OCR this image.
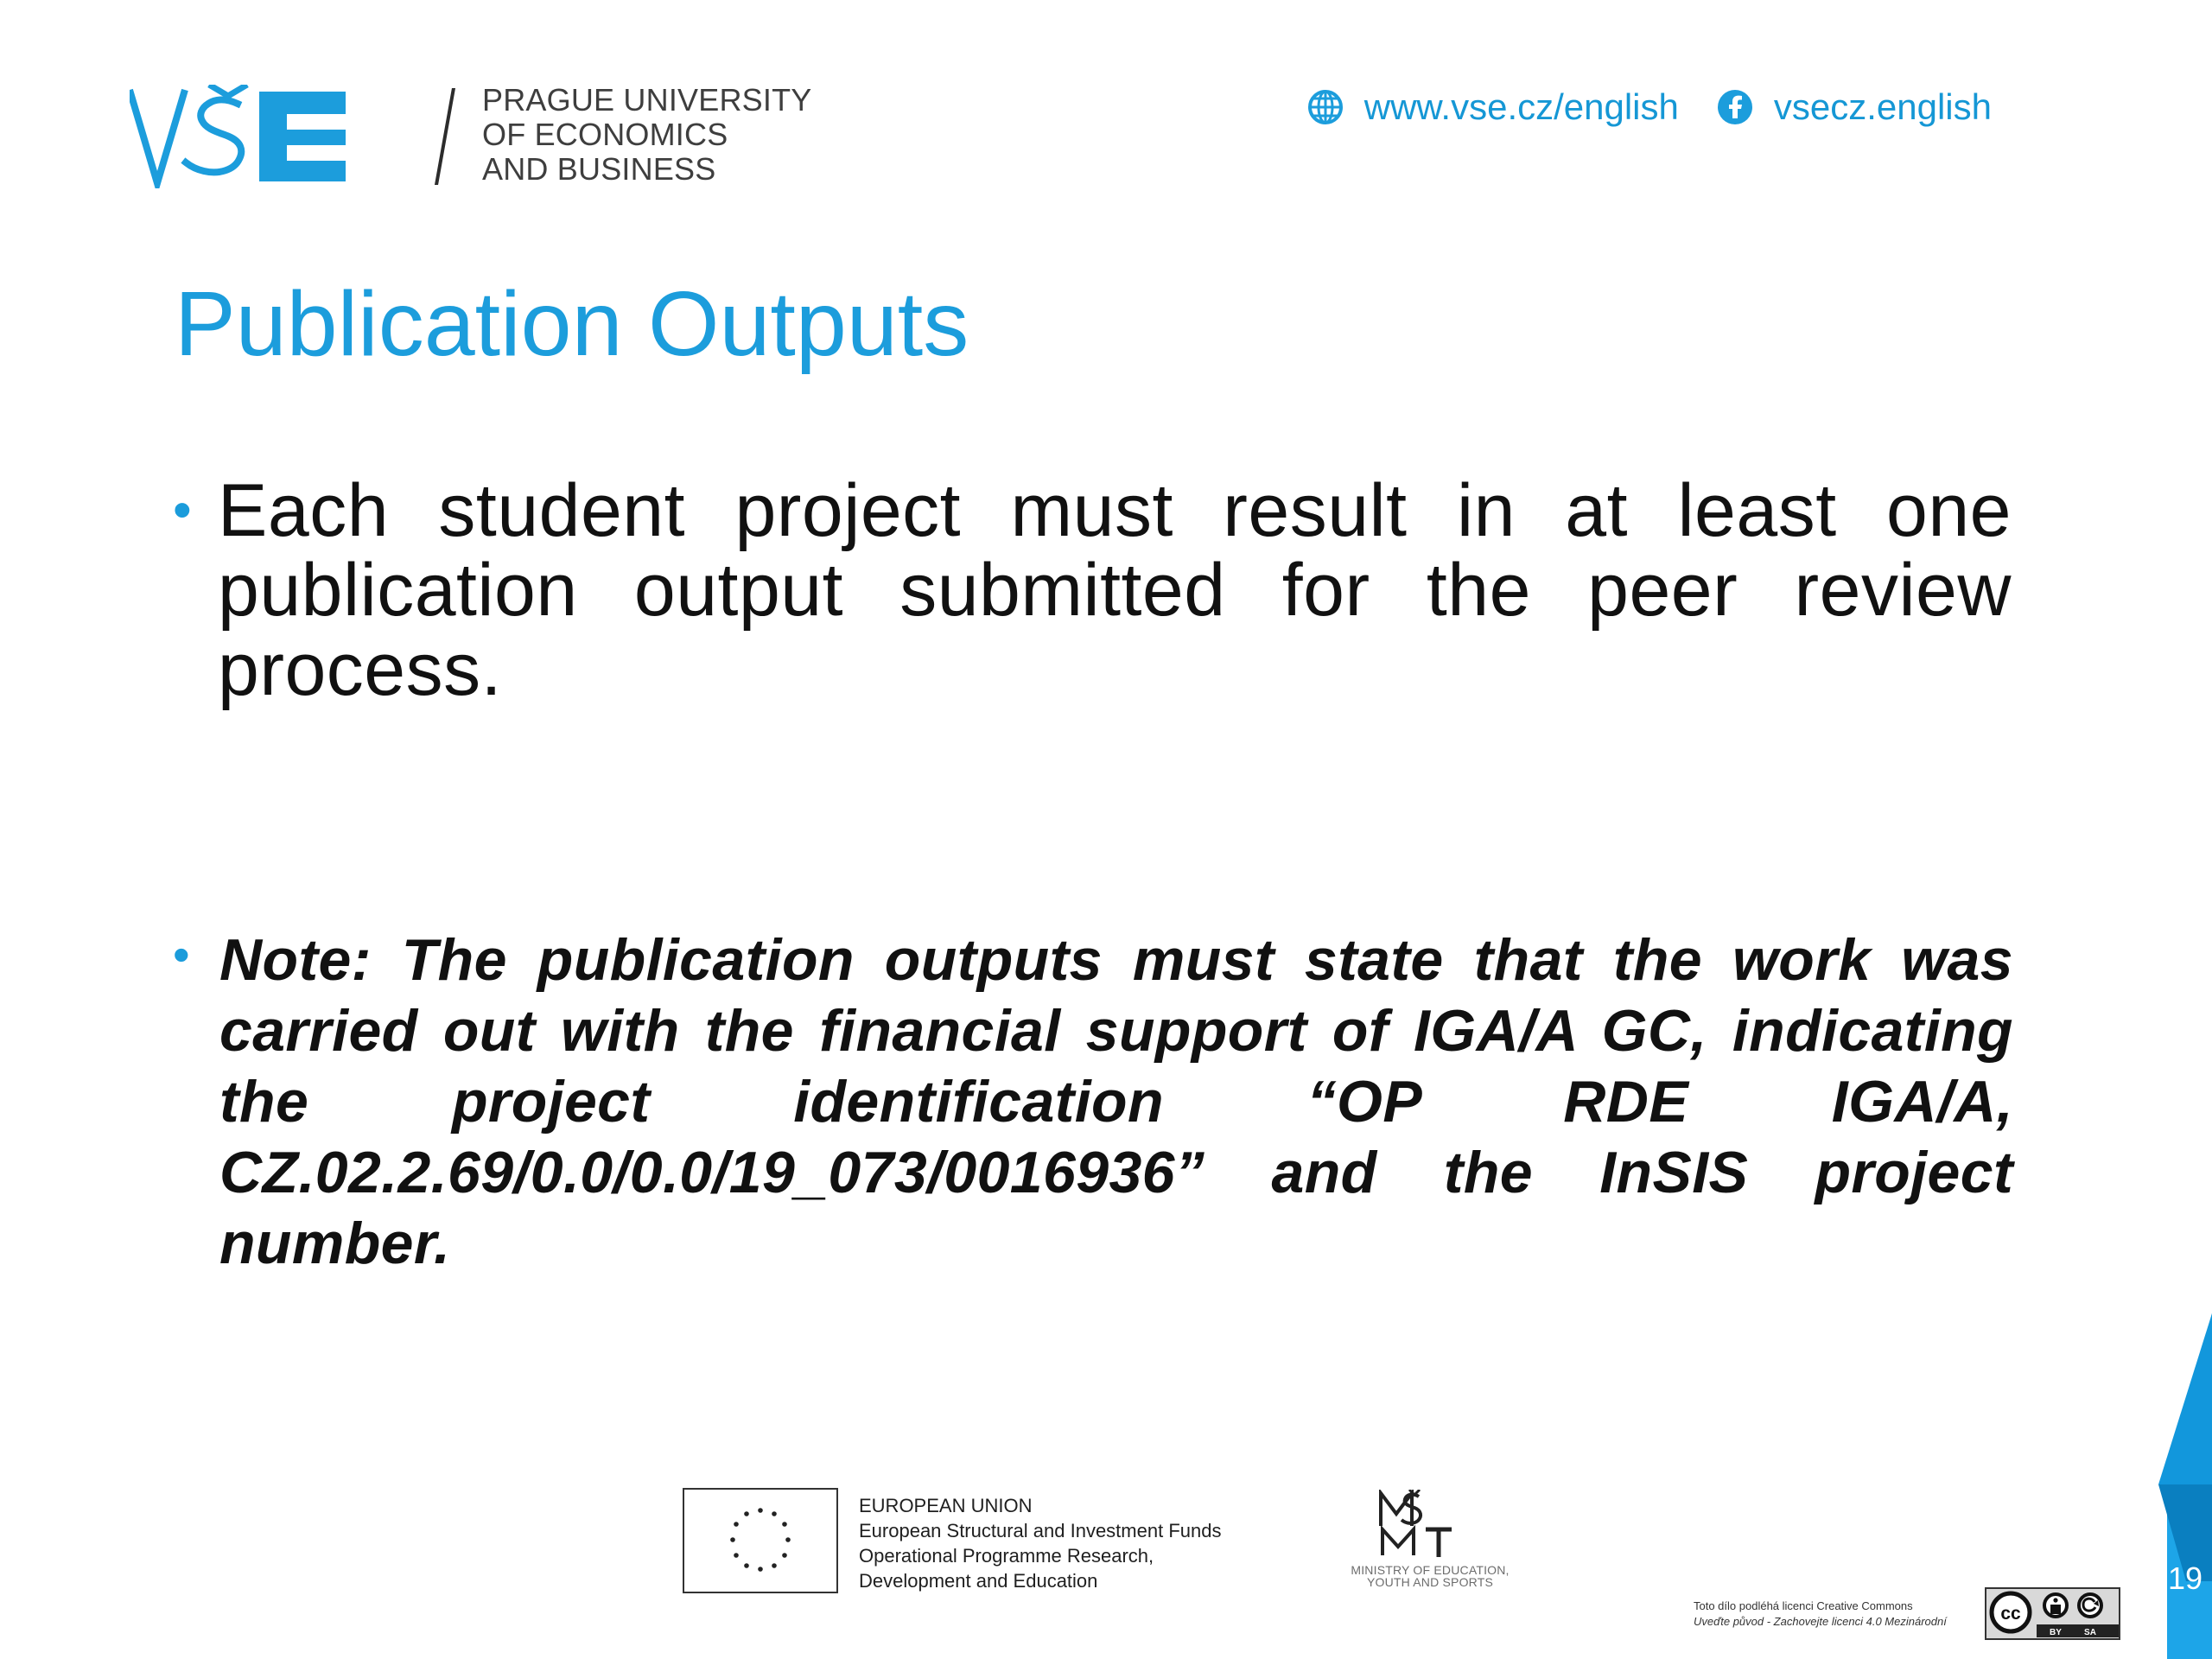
PRAGUE UNIVERSITY
OF ECONOMICS
AND BUSINESS
www.vse.cz/english	vsecz.english
Publication Outputs
• Each student project must result in at least one publication output submitted for the peer review process.
• Note: The publication outputs must state that the work was carried out with the financial support of IGA/A GC, indicating the project identification “OP RDE IGA/A, CZ.02.2.69/0.0/0.0/19_073/0016936” and the InSIS project number.
EUROPEAN UNION
European Structural and Investment Funds
Operational Programme Research,
Development and Education	MINISTRY OF EDUCATION,
YOUTH AND SPORTS
Toto dílo podléhá licenci Creative Commons
Uveďte původ - Zachovejte licenci 4.0 Mezinárodní	cc
BY	SA
19
